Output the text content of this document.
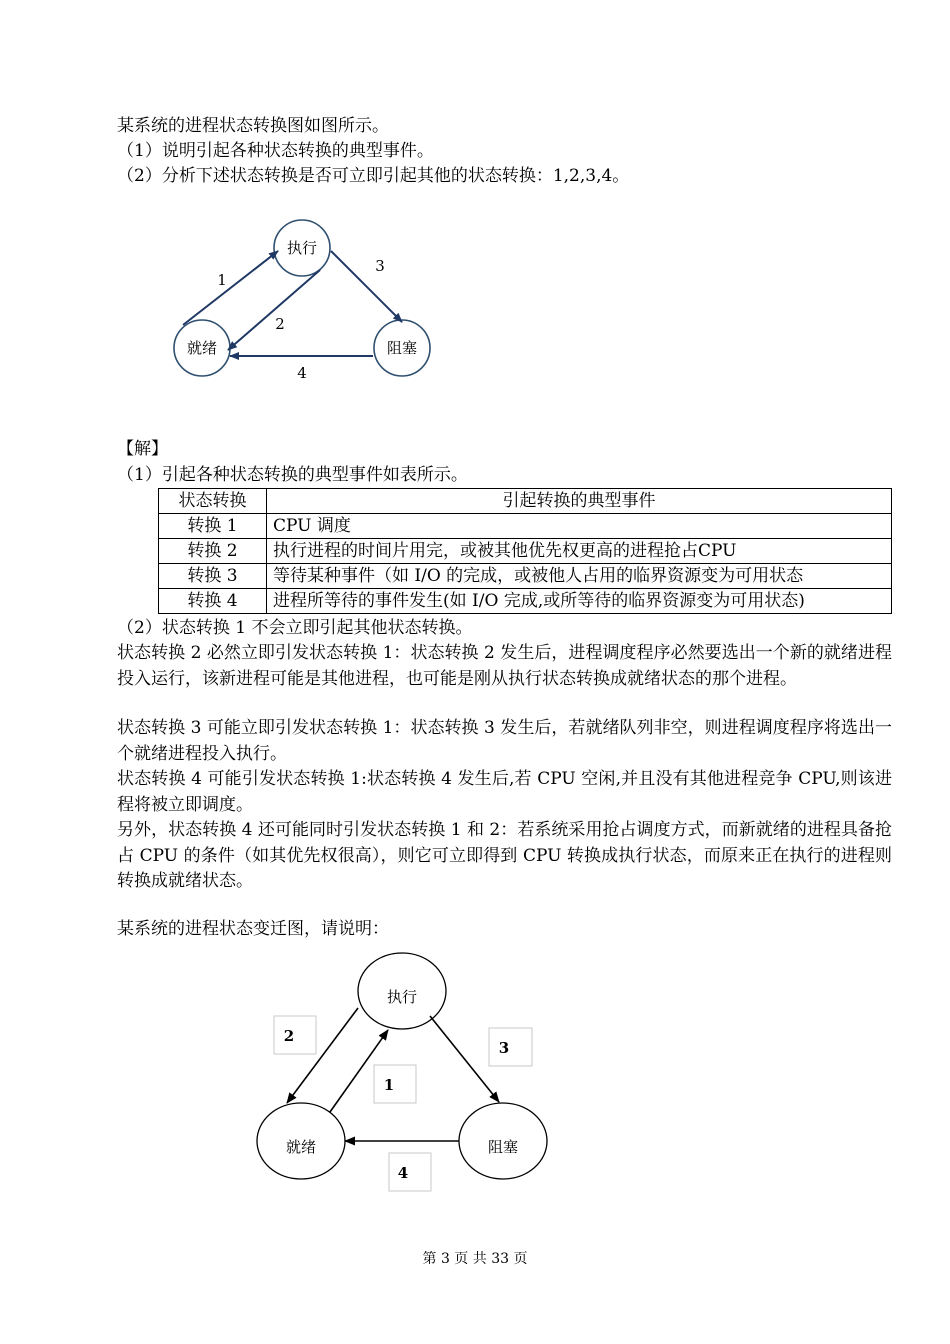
某系统的进程状态转换图如图所示。
（1）说明引起各种状态转换的典型事件。
（2）分析下述状态转换是否可立即引起其他的状态转换：1,2,3,4。
执行
就绪	阻塞
1
2
3
4
执行
就绪	阻塞
2
3
1
4
【解】
（1）引起各种状态转换的典型事件如表所示。
状态转换	引起转换的典型事件
转换 1	CPU 调度
转换 2	执行进程的时间片用完，或被其他优先权更高的进程抢占CPU
转换 3	等待某种事件（如 I/O 的完成，或被他人占用的临界资源变为可用状态
转换 4	进程所等待的事件发生(如 I/O 完成,或所等待的临界资源变为可用状态)
（2）状态转换 1 不会立即引起其他状态转换。
状态转换 2 必然立即引发状态转换 1：状态转换 2 发生后，进程调度程序必然要选出一个新的就绪进程投入运行，该新进程可能是其他进程，也可能是刚从执行状态转换成就绪状态的那个进程。
状态转换 3 可能立即引发状态转换 1：状态转换 3 发生后，若就绪队列非空，则进程调度程序将选出一个就绪进程投入执行。
状态转换 4 可能引发状态转换 1:状态转换 4 发生后,若 CPU 空闲,并且没有其他进程竞争 CPU,则该进程将被立即调度。
另外，状态转换 4 还可能同时引发状态转换 1 和 2：若系统采用抢占调度方式，而新就绪的进程具备抢占 CPU 的条件（如其优先权很高），则它可立即得到 CPU 转换成执行状态，而原来正在执行的进程则转换成就绪状态。
某系统的进程状态变迁图，请说明：
第 3 页 共 33 页
